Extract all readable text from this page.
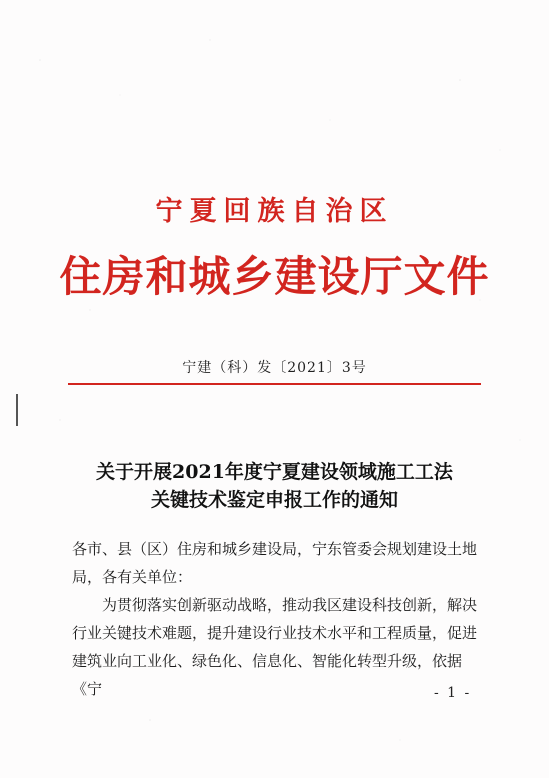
宁夏回族自治区
住房和城乡建设厅文件
宁建（科）发〔2021〕3号
关于开展2021年度宁夏建设领域施工工法
关键技术鉴定申报工作的通知
各市、县（区）住房和城乡建设局，宁东管委会规划建设土地局，各有关单位：
为贯彻落实创新驱动战略，推动我区建设科技创新，解决行业关键技术难题，提升建设行业技术水平和工程质量，促进建筑业向工业化、绿色化、信息化、智能化转型升级，依据《宁	- 1 -
